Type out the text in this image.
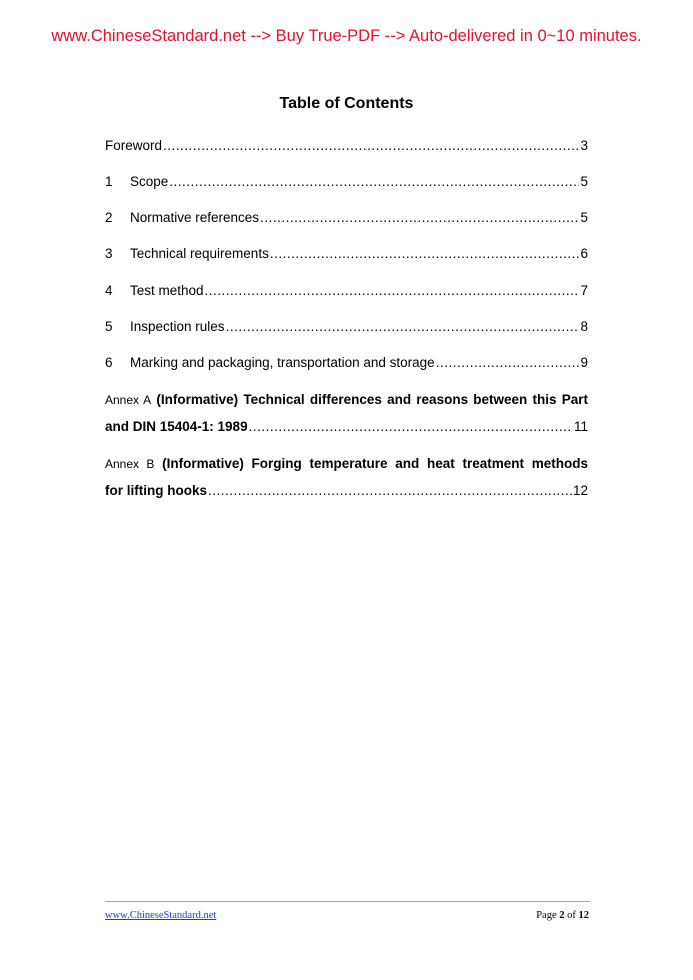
www.ChineseStandard.net --> Buy True-PDF --> Auto-delivered in 0~10 minutes.
Table of Contents
Foreword .....	3
1	Scope .....	5
2	Normative references .....	5
3	Technical requirements .....	6
4	Test method .....	7
5	Inspection rules .....	8
6	Marking and packaging, transportation and storage .....	9
Annex A (Informative) Technical differences and reasons between this Part
and DIN 15404-1: 1989 .....	11
Annex B (Informative) Forging temperature and heat treatment methods
for lifting hooks .....	12
www.ChineseStandard.net	Page 2 of 12
